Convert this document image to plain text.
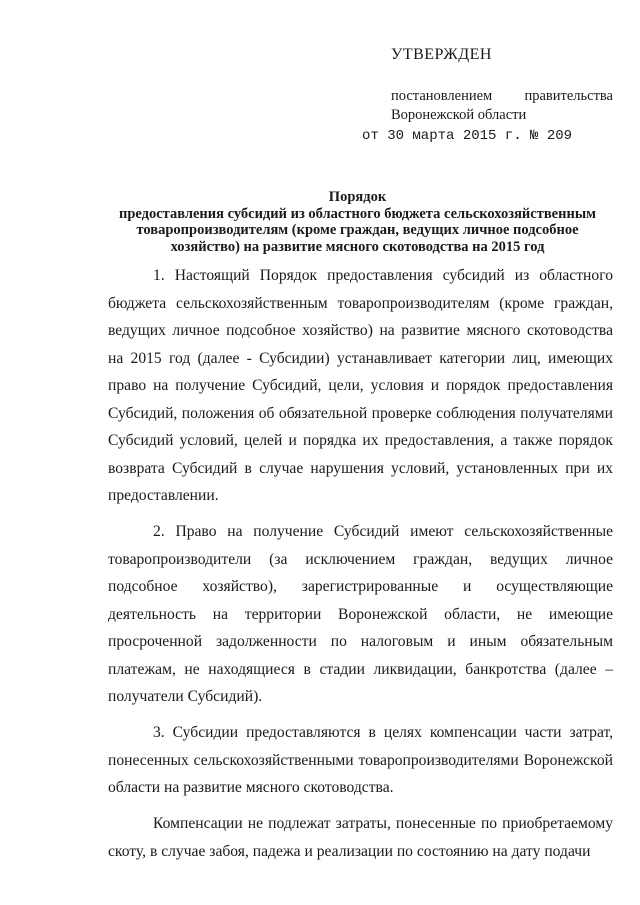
УТВЕРЖДЕН
постановлением правительства
Воронежской области
от 30 марта 2015 г. № 209
Порядок
предоставления субсидий из областного бюджета сельскохозяйственным
товаропроизводителям (кроме граждан, ведущих личное подсобное
хозяйство) на развитие мясного скотоводства на 2015 год

1. Настоящий Порядок предоставления субсидий из областного бюджета сельскохозяйственным товаропроизводителям (кроме граждан, ведущих личное подсобное хозяйство) на развитие мясного скотоводства на 2015 год (далее - Субсидии) устанавливает категории лиц, имеющих право на получение Субсидий, цели, условия и порядок предоставления Субсидий, положения об обязательной проверке соблюдения получателями Субсидий условий, целей и порядка их предоставления, а также порядок возврата Субсидий в случае нарушения условий, установленных при их предоставлении.

2. Право на получение Субсидий имеют сельскохозяйственные товаропроизводители (за исключением граждан, ведущих личное подсобное хозяйство), зарегистрированные и осуществляющие деятельность на территории Воронежской области, не имеющие просроченной задолженности по налоговым и иным обязательным платежам, не находящиеся в стадии ликвидации, банкротства (далее – получатели Субсидий).

3. Субсидии предоставляются в целях компенсации части затрат, понесенных сельскохозяйственными товаропроизводителями Воронежской области на развитие мясного скотоводства.

Компенсации не подлежат затраты, понесенные по приобретаемому скоту, в случае забоя, падежа и реализации по состоянию на дату подачи
